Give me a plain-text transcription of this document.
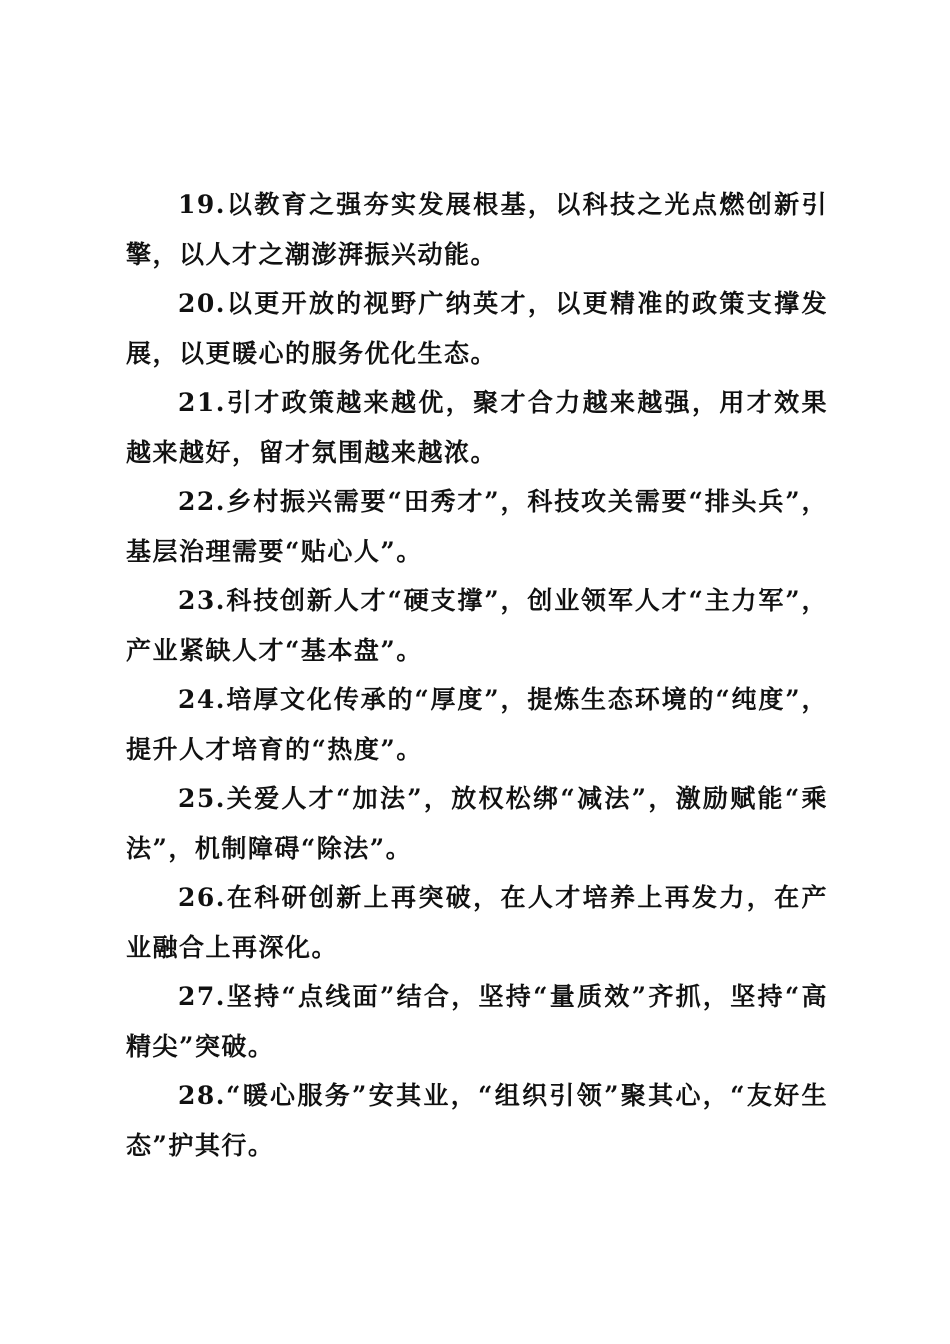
19.以教育之强夯实发展根基，以科技之光点燃创新引擎，以人才之潮澎湃振兴动能。

20.以更开放的视野广纳英才，以更精准的政策支撑发展，以更暖心的服务优化生态。

21.引才政策越来越优，聚才合力越来越强，用才效果越来越好，留才氛围越来越浓。

22.乡村振兴需要“田秀才”，科技攻关需要“排头兵”，基层治理需要“贴心人”。

23.科技创新人才“硬支撑”，创业领军人才“主力军”，产业紧缺人才“基本盘”。

24.培厚文化传承的“厚度”，提炼生态环境的“纯度”，提升人才培育的“热度”。

25.关爱人才“加法”，放权松绑“减法”，激励赋能“乘法”，机制障碍“除法”。

26.在科研创新上再突破，在人才培养上再发力，在产业融合上再深化。

27.坚持“点线面”结合，坚持“量质效”齐抓，坚持“高精尖”突破。

28.“暖心服务”安其业，“组织引领”聚其心，“友好生态”护其行。
